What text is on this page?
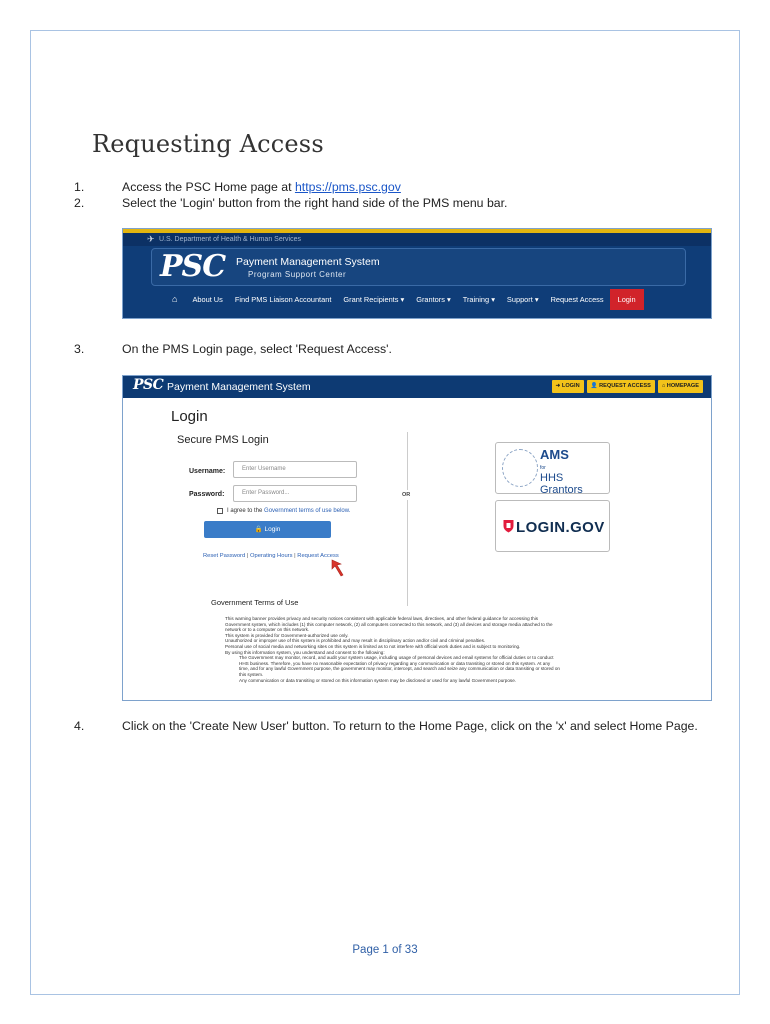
Requesting Access
1.	Access the PSC Home page at https://pms.psc.gov
2.	Select the 'Login' button from the right hand side of the PMS menu bar.
✈ U.S. Department of Health & Human Services
PSC Payment Management System
Program Support Center
⌂	About Us	Find PMS Liaison Accountant	Grant Recipients ▾	Grantors ▾	Training ▾	Support ▾	Request Access	Login
3.	On the PMS Login page, select 'Request Access'.
PSC Payment Management System	➜ LOGIN	👤 REQUEST ACCESS	⌂ HOMEPAGE
Login
Secure PMS Login
Username:	Enter Username
Password:	Enter Password...
I agree to the Government terms of use below.
🔒 Login
Reset Password | Operating Hours | Request Access
OR
AMS
for
HHS Grantors
LOGIN.GOV
Government Terms of Use
This warning banner provides privacy and security notices consistent with applicable federal laws, directives, and other federal guidance for accessing this
Government system, which includes (1) this computer network, (2) all computers connected to this network, and (3) all devices and storage media attached to the
network or to a computer on this network.
This system is provided for Government-authorized use only.
Unauthorized or improper use of this system is prohibited and may result in disciplinary action and/or civil and criminal penalties.
Personal use of social media and networking sites on this system is limited as to not interfere with official work duties and is subject to monitoring.
By using this information system, you understand and consent to the following:
The Government may monitor, record, and audit your system usage, including usage of personal devices and email systems for official duties or to conduct
HHS business. Therefore, you have no reasonable expectation of privacy regarding any communication or data transiting or stored on this system. At any
time, and for any lawful Government purpose, the government may monitor, intercept, and search and seize any communication or data transiting or stored on
this system.
Any communication or data transiting or stored on this information system may be disclosed or used for any lawful Government purpose.
4.	Click on the 'Create New User' button. To return to the Home Page, click on the 'x' and select Home Page.
Page 1 of 33
